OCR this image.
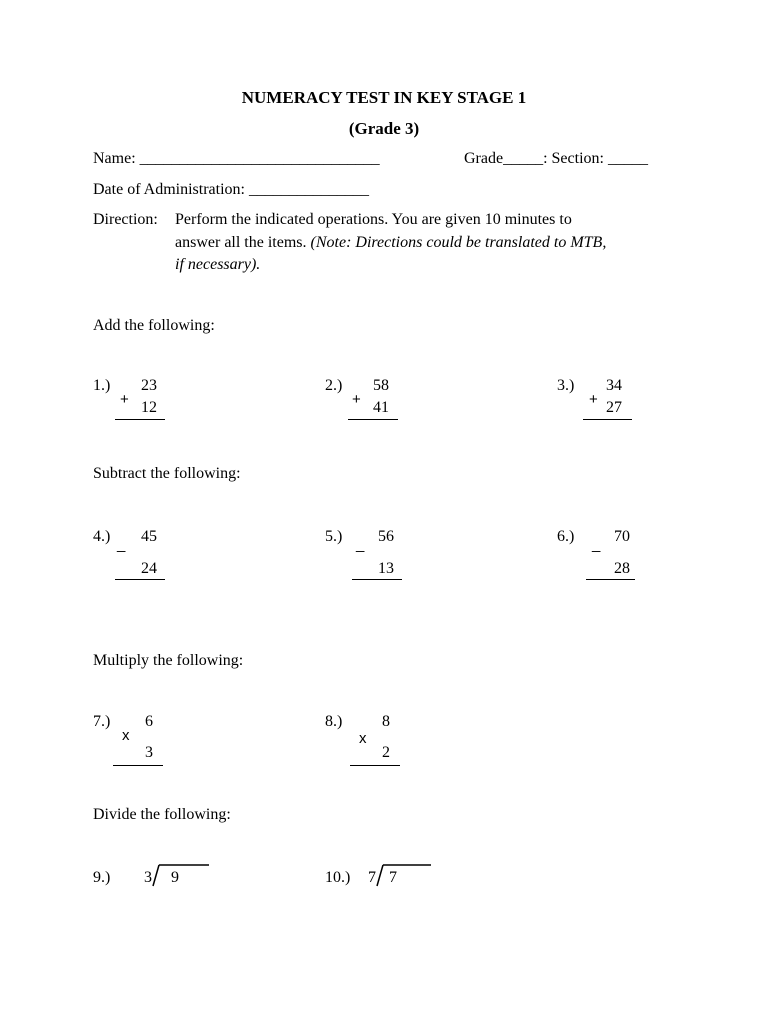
NUMERACY TEST IN KEY STAGE 1
(Grade 3)
Name: ______________________________	Grade_____: Section: _____
Date of Administration: _______________
Direction: Perform the indicated operations. You are given 10 minutes to
answer all the items. (Note: Directions could be translated to MTB,
if necessary).
Add the following:
1.)	23
+ 12
2.)	58
+ 41
3.)	34
+ 27
Subtract the following:
4.)	45
_
24
5.)	56
_
13
6.)	70
_
28
Multiply the following:
7.)	6
x
3
8.)	8
x
2
Divide the following:
9.) 3 9	10.) 7 7
